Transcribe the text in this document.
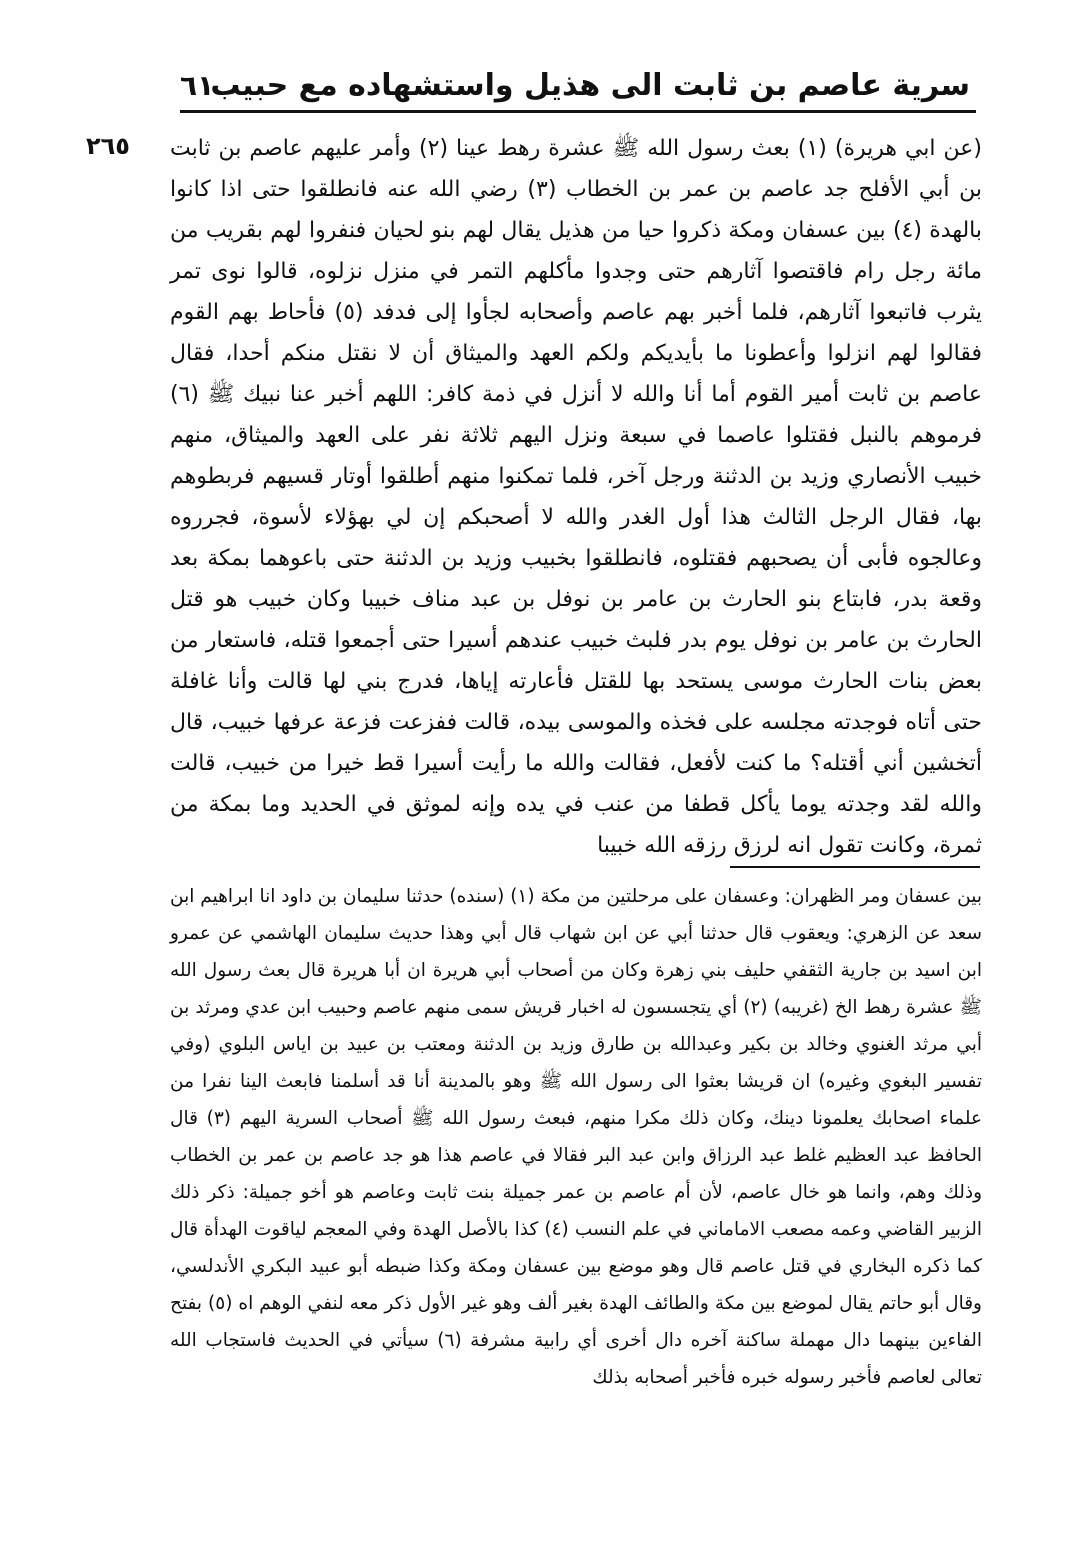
سرية عاصم بن ثابت الى هذيل واستشهاده مع حبيب
٦١
٢٦٥	(عن ابي هريرة) (١) بعث رسول الله ﷺ عشرة رهط عينا (٢) وأمر عليهم عاصم بن ثابت بن أبي الأفلح جد عاصم بن عمر بن الخطاب (٣) رضي الله عنه فانطلقوا حتى اذا كانوا بالهدة (٤) بين عسفان ومكة ذكروا حيا من هذيل يقال لهم بنو لحيان فنفروا لهم بقريب من مائة رجل رام فاقتصوا آثارهم حتى وجدوا مأكلهم التمر في منزل نزلوه، قالوا نوى تمر يثرب فاتبعوا آثارهم، فلما أخبر بهم عاصم وأصحابه لجأوا إلى فدفد (٥) فأحاط بهم القوم فقالوا لهم انزلوا وأعطونا ما بأيديكم ولكم العهد والميثاق أن لا نقتل منكم أحدا، فقال عاصم بن ثابت أمير القوم أما أنا والله لا أنزل في ذمة كافر: اللهم أخبر عنا نبيك ﷺ (٦) فرموهم بالنبل فقتلوا عاصما في سبعة ونزل اليهم ثلاثة نفر على العهد والميثاق، منهم خبيب الأنصاري وزيد بن الدثنة ورجل آخر، فلما تمكنوا منهم أطلقوا أوتار قسيهم فربطوهم بها، فقال الرجل الثالث هذا أول الغدر والله لا أصحبكم إن لي بهؤلاء لأسوة، فجرروه وعالجوه فأبى أن يصحبهم فقتلوه، فانطلقوا بخبيب وزيد بن الدثنة حتى باعوهما بمكة بعد وقعة بدر، فابتاع بنو الحارث بن عامر بن نوفل بن عبد مناف خبيبا وكان خبيب هو قتل الحارث بن عامر بن نوفل يوم بدر فلبث خبيب عندهم أسيرا حتى أجمعوا قتله، فاستعار من بعض بنات الحارث موسى يستحد بها للقتل فأعارته إياها، فدرج بني لها قالت وأنا غافلة حتى أتاه فوجدته مجلسه على فخذه والموسى بيده، قالت ففزعت فزعة عرفها خبيب، قال أتخشين أني أقتله؟ ما كنت لأفعل، فقالت والله ما رأيت أسيرا قط خيرا من خبيب، قالت والله لقد وجدته يوما يأكل قطفا من عنب في يده وإنه لموثق في الحديد وما بمكة من ثمرة، وكانت تقول انه لرزق رزقه الله خبيبا

بين عسفان ومر الظهران: وعسفان على مرحلتين من مكة (١) (سنده) حدثنا سليمان بن داود انا ابراهيم ابن سعد عن الزهري: ويعقوب قال حدثنا أبي عن ابن شهاب قال أبي وهذا حديث سليمان الهاشمي عن عمرو ابن اسيد بن جارية الثقفي حليف بني زهرة وكان من أصحاب أبي هريرة ان أبا هريرة قال بعث رسول الله ﷺ عشرة رهط الخ (غريبه) (٢) أي يتجسسون له اخبار قريش سمى منهم عاصم وحبيب ابن عدي ومرثد بن أبي مرثد الغنوي وخالد بن بكير وعبدالله بن طارق وزيد بن الدثنة ومعتب بن عبيد بن اياس البلوي (وفي تفسير البغوي وغيره) ان قريشا بعثوا الى رسول الله ﷺ وهو بالمدينة أنا قد أسلمنا فابعث الينا نفرا من علماء اصحابك يعلمونا دينك، وكان ذلك مكرا منهم، فبعث رسول الله ﷺ أصحاب السرية اليهم (٣) قال الحافظ عبد العظيم غلط عبد الرزاق وابن عبد البر فقالا في عاصم هذا هو جد عاصم بن عمر بن الخطاب وذلك وهم، وانما هو خال عاصم، لأن أم عاصم بن عمر جميلة بنت ثابت وعاصم هو أخو جميلة: ذكر ذلك الزبير القاضي وعمه مصعب الاماماني في علم النسب (٤) كذا بالأصل الهدة وفي المعجم لياقوت الهدأة قال كما ذكره البخاري في قتل عاصم قال وهو موضع بين عسفان ومكة وكذا ضبطه أبو عبيد البكري الأندلسي، وقال أبو حاتم يقال لموضع بين مكة والطائف الهدة بغير ألف وهو غير الأول ذكر معه لنفي الوهم اه (٥) بفتح الفاءين بينهما دال مهملة ساكنة آخره دال أخرى أي رابية مشرفة (٦) سيأتي في الحديث فاستجاب الله تعالى لعاصم فأخبر رسوله خبره فأخبر أصحابه بذلك
